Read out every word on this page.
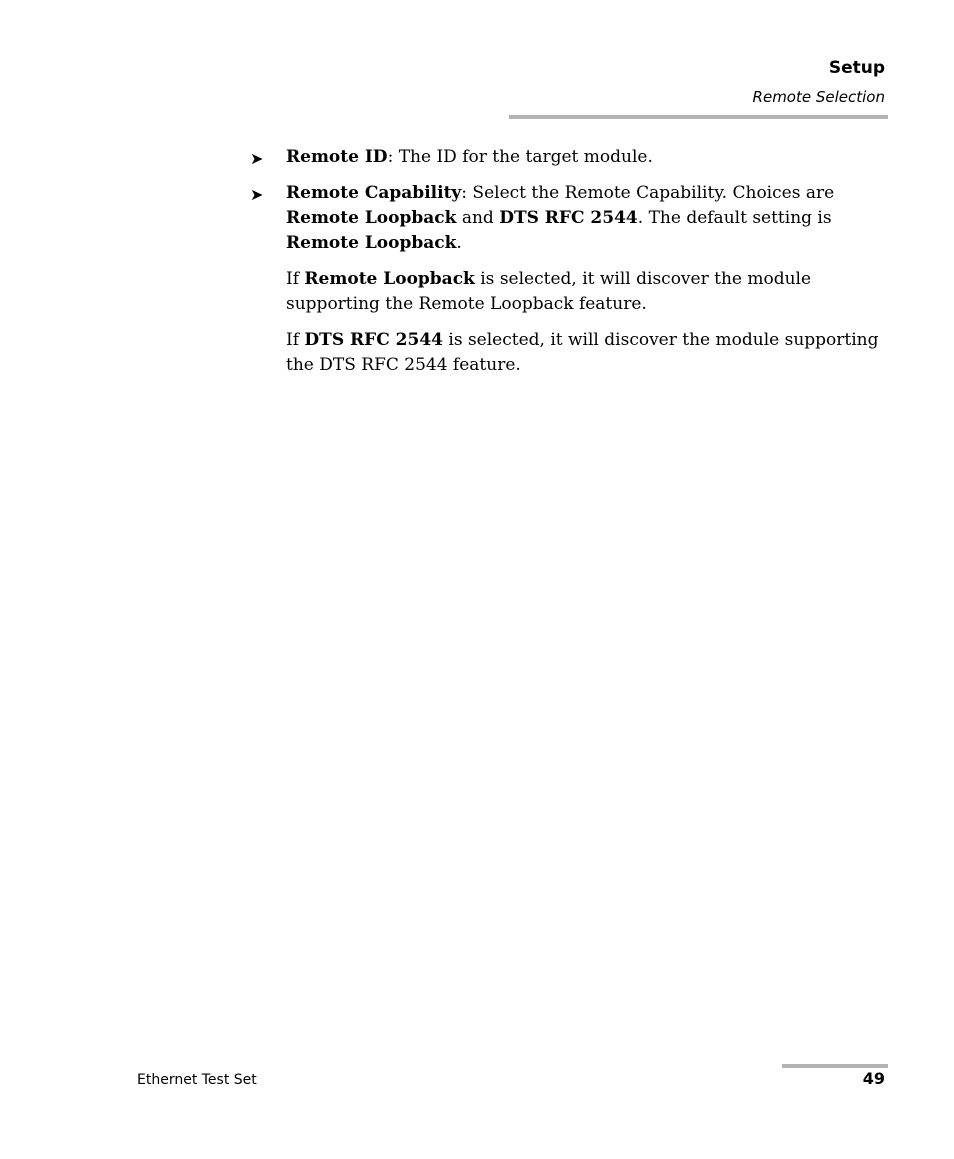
Setup
Remote Selection
➤ Remote ID: The ID for the target module.
➤ Remote Capability: Select the Remote Capability. Choices are Remote Loopback and DTS RFC 2544. The default setting is Remote Loopback.

If Remote Loopback is selected, it will discover the module supporting the Remote Loopback feature.

If DTS RFC 2544 is selected, it will discover the module supporting the DTS RFC 2544 feature.

Ethernet Test Set	49
